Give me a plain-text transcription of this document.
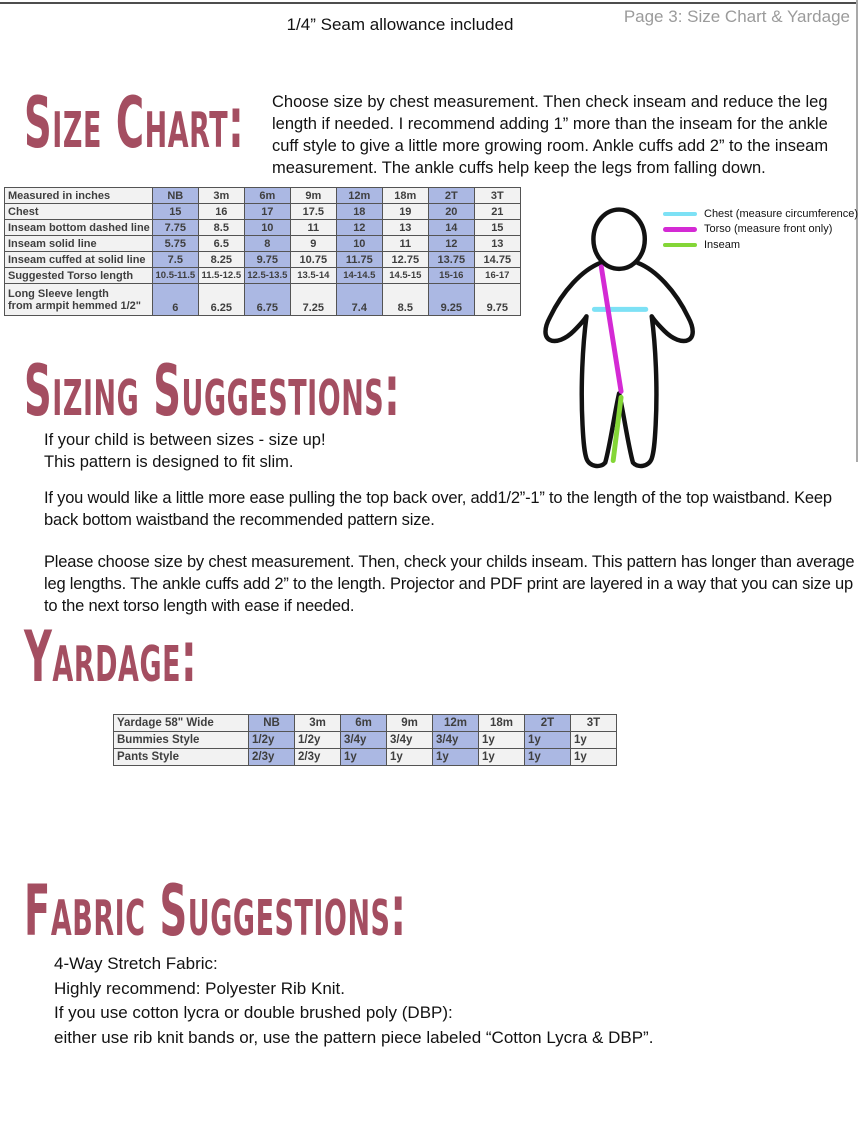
1/4” Seam allowance included	Page 3: Size Chart & Yardage
Size Chart: Choose size by chest measurement. Then check inseam and reduce the leg length if needed. I recommend adding 1” more than the inseam for the ankle cuff style to give a little more growing room. Ankle cuffs add 2” to the inseam measurement. The ankle cuffs help keep the legs from falling down.
Measured in inches	NB	3m	6m	9m	12m	18m	2T	3T
Chest	15	16	17	17.5	18	19	20	21
Inseam bottom dashed line	7.75	8.5	10	11	12	13	14	15
Inseam solid line	5.75	6.5	8	9	10	11	12	13
Inseam cuffed at solid line	7.5	8.25	9.75	10.75	11.75	12.75	13.75	14.75
Suggested Torso length	10.5-11.5	11.5-12.5	12.5-13.5	13.5-14	14-14.5	14.5-15	15-16	16-17

Long Sleeve length
from armpit hemmed 1/2"	6	6.25	6.75	7.25	7.4	8.5	9.25	9.75
Chest (measure circumference)
Torso (measure front only)
Inseam
Sizing Suggestions:
If your child is between sizes - size up!
This pattern is designed to fit slim.
If you would like a little more ease pulling the top back over, add1/2”-1” to the length of the top waistband. Keep back bottom waistband the recommended pattern size.
Please choose size by chest measurement. Then, check your childs inseam. This pattern has longer than average leg lengths. The ankle cuffs add 2” to the length. Projector and PDF print are layered in a way that you can size up to the next torso length with ease if needed.
Yardage:
Yardage 58" Wide	NB	3m	6m	9m	12m	18m	2T	3T
Bummies Style	1/2y	1/2y	3/4y	3/4y	3/4y	1y	1y	1y
Pants Style	2/3y	2/3y	1y	1y	1y	1y	1y	1y
Fabric Suggestions:
4-Way Stretch Fabric:
Highly recommend: Polyester Rib Knit.
If you use cotton lycra or double brushed poly (DBP):
either use rib knit bands or, use the pattern piece labeled “Cotton Lycra & DBP”.
